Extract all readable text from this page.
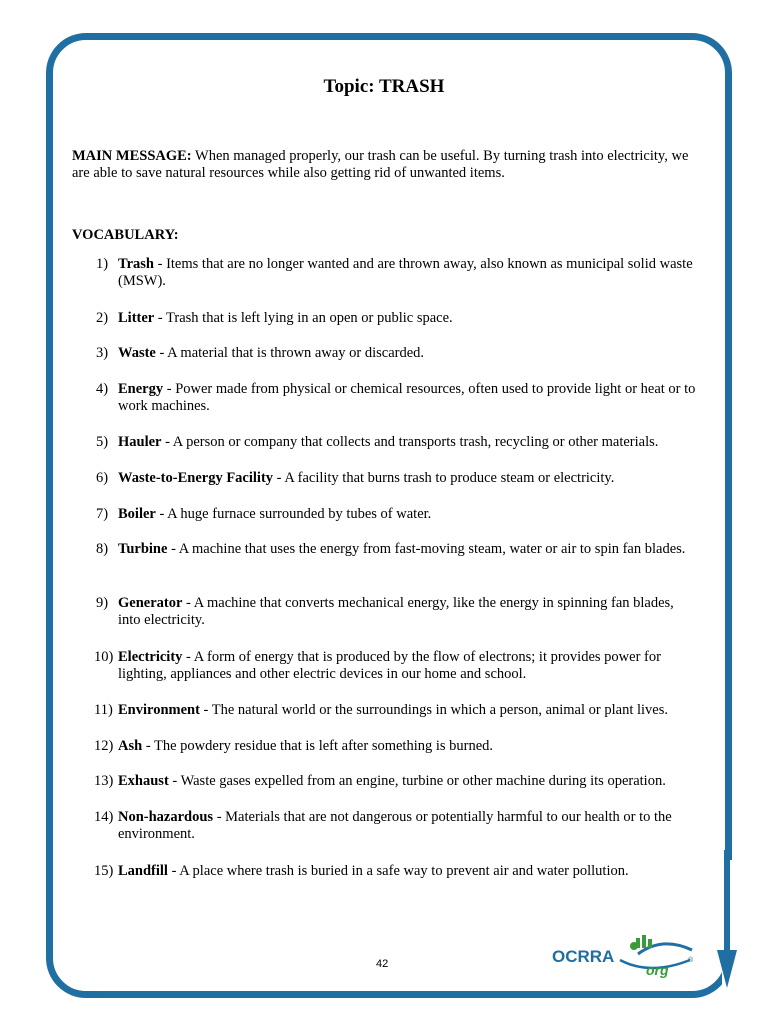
Topic: TRASH
MAIN MESSAGE: When managed properly, our trash can be useful. By turning trash into electricity, we are able to save natural resources while also getting rid of unwanted items.
VOCABULARY:
1) Trash - Items that are no longer wanted and are thrown away, also known as municipal solid waste (MSW).
2) Litter - Trash that is left lying in an open or public space.
3) Waste - A material that is thrown away or discarded.
4) Energy - Power made from physical or chemical resources, often used to provide light or heat or to work machines.
5) Hauler - A person or company that collects and transports trash, recycling or other materials.
6) Waste-to-Energy Facility - A facility that burns trash to produce steam or electricity.
7) Boiler - A huge furnace surrounded by tubes of water.
8) Turbine - A machine that uses the energy from fast-moving steam, water or air to spin fan blades.
9) Generator - A machine that converts mechanical energy, like the energy in spinning fan blades, into electricity.
10) Electricity - A form of energy that is produced by the flow of electrons; it provides power for lighting, appliances and other electric devices in our home and school.
11) Environment - The natural world or the surroundings in which a person, animal or plant lives.
12) Ash - The powdery residue that is left after something is burned.
13) Exhaust - Waste gases expelled from an engine, turbine or other machine during its operation.
14) Non-hazardous - Materials that are not dangerous or potentially harmful to our health or to the environment.
15) Landfill - A place where trash is buried in a safe way to prevent air and water pollution.
42	OCRRA
org
®
